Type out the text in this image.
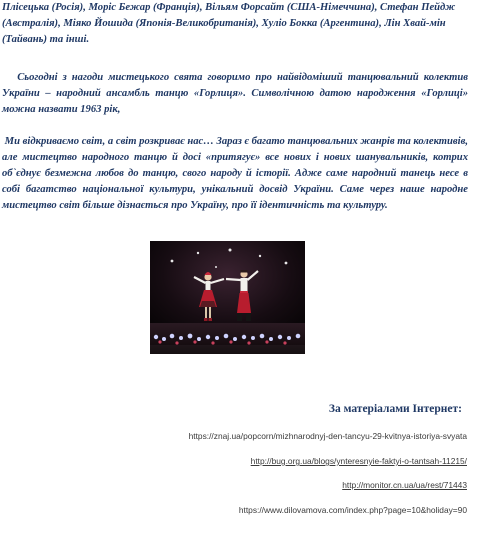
Плісецька (Росія), Моріс Бежар (Франція), Вільям Форсайт (США-Німеччина), Стефан Пейдж (Австралія), Міяко Йошида (Японія-Великобританія), Хуліо Бокка (Аргентина), Лін Хвай-мін (Тайвань) та інші.

Сьогодні з нагоди мистецького свята говоримо про найвідоміший танцювальний колектив України – народний ансамбль танцю «Горлиця». Символічною датою народження «Горлиці» можна назвати 1963 рік,

Ми відкриваємо світ, а світ розкриває нас… Зараз є багато танцювальних жанрів та колективів, але мистецтво народного танцю й досі «притягує» все нових і нових шанувальників, котрих об`єднує безмежна любов до танцю, свого народу й історії. Адже саме народний танець несе в собі багатство національної культури, унікальний досвід України. Саме через наше народне мистецтво світ більше дізнається про Україну, про її ідентичність та культуру.

За матеріалами Інтернет:

https://znaj.ua/popcorn/mizhnarodnyj-den-tancyu-29-kvitnya-istoriya-svyata

http://bug.org.ua/blogs/ynteresnyie-faktyi-o-tantsah-11215/

http://monitor.cn.ua/ua/rest/71443

https://www.dilovamova.com/index.php?page=10&holiday=90
